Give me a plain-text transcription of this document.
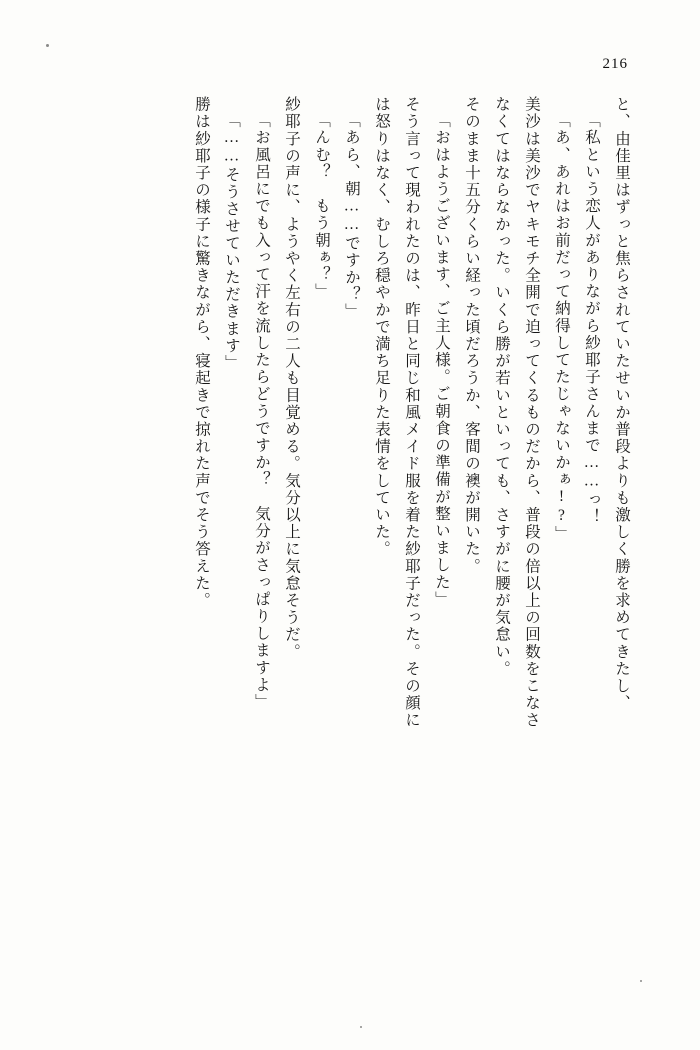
216
と、由佳里はずっと焦らされていたせいか普段よりも激しく勝を求めてきたし、
「私という恋人がありながら紗耶子さんまで……っ！
「あ、あれはお前だって納得してたじゃないかぁ!?」
美沙は美沙でヤキモチ全開で迫ってくるものだから、普段の倍以上の回数をこなさ
なくてはならなかった。いくら勝が若いといっても、さすがに腰が気怠い。
そのまま十五分くらい経った頃だろうか、客間の襖が開いた。
「おはようございます、ご主人様。ご朝食の準備が整いました」
そう言って現われたのは、昨日と同じ和風メイド服を着た紗耶子だった。その顔に
は怒りはなく、むしろ穏やかで満ち足りた表情をしていた。
「あら、朝……ですか？」
「んむ？　もう朝ぁ？」
紗耶子の声に、ようやく左右の二人も目覚める。気分以上に気怠そうだ。
「お風呂にでも入って汗を流したらどうですか？　気分がさっぱりしますよ」
「……そうさせていただきます」
勝は紗耶子の様子に驚きながら、寝起きで掠れた声でそう答えた。
